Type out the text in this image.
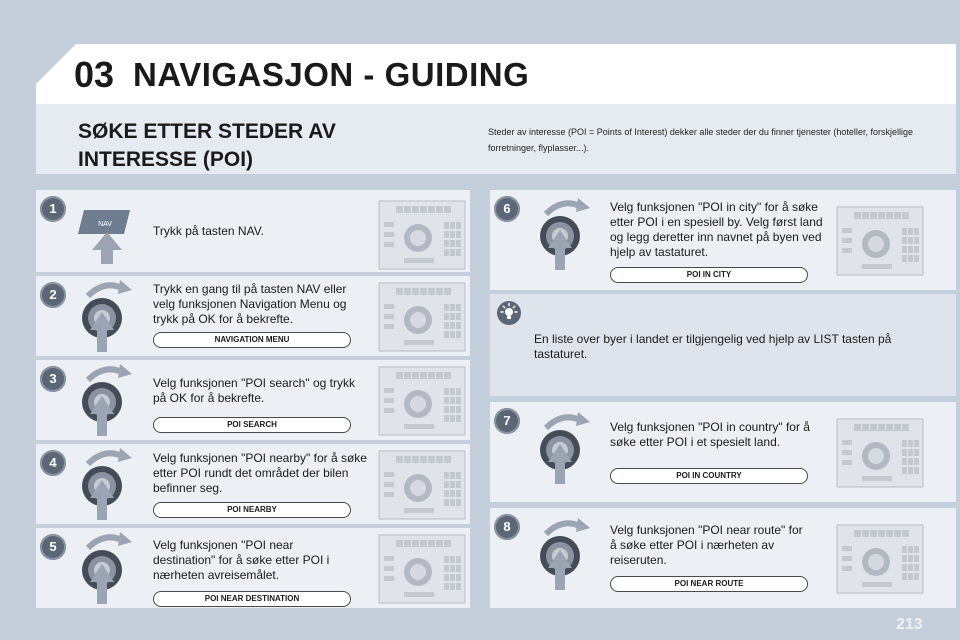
03 NAVIGASJON - GUIDING
SØKE ETTER STEDER AV INTERESSE (POI)
Steder av interesse (POI = Points of Interest) dekker alle steder der du finner tjenester (hoteller, forskjellige forretninger, flyplasser...).
1
NAV	Trykk på tasten NAV.
2	Trykk en gang til på tasten NAV eller velg funksjonen Navigation Menu og trykk på OK for å bekrefte.
NAVIGATION MENU
3	Velg funksjonen "POI search" og trykk på OK for å bekrefte.
POI SEARCH
4	Velg funksjonen "POI nearby" for å søke etter POI rundt det området der bilen befinner seg.
POI NEARBY
5	Velg funksjonen "POI near destination" for å søke etter POI i nærheten avreisemålet.
POI NEAR DESTINATION
6	Velg funksjonen "POI in city" for å søke etter POI i en spesiell by. Velg først land og legg deretter inn navnet på byen ved hjelp av tastaturet.
POI IN CITY
En liste over byer i landet er tilgjengelig ved hjelp av LIST tasten på tastaturet.
7	Velg funksjonen "POI in country" for å søke etter POI i et spesielt land.
POI IN COUNTRY
8	Velg funksjonen "POI near route" for å søke etter POI i nærheten av reiseruten.
POI NEAR ROUTE
213
